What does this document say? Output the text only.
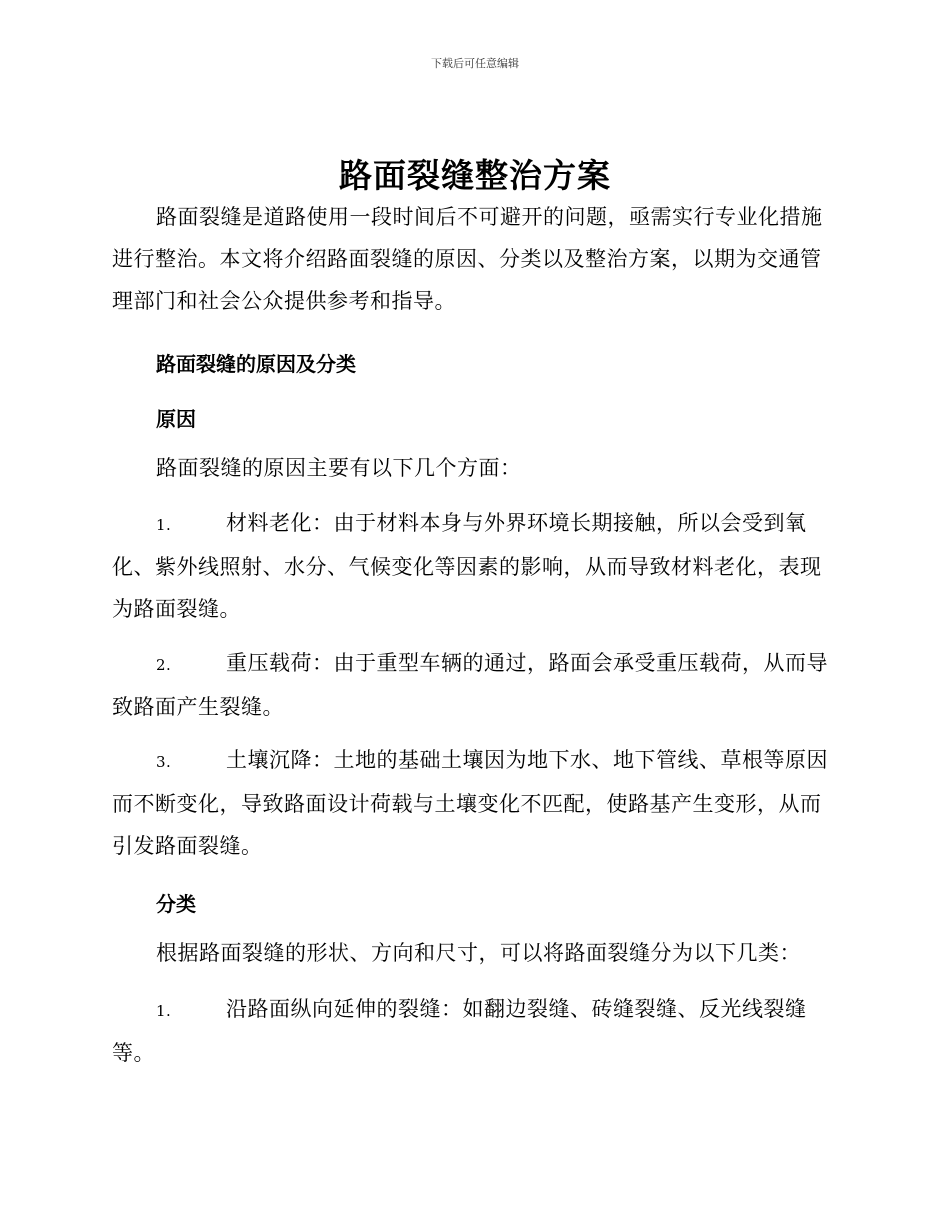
下载后可任意编辑
路面裂缝整治方案

路面裂缝是道路使用一段时间后不可避开的问题，亟需实行专业化措施进行整治。本文将介绍路面裂缝的原因、分类以及整治方案，以期为交通管理部门和社会公众提供参考和指导。

路面裂缝的原因及分类
原因

路面裂缝的原因主要有以下几个方面：

1.	材料老化：由于材料本身与外界环境长期接触，所以会受到氧化、紫外线照射、水分、气候变化等因素的影响，从而导致材料老化，表现为路面裂缝。
2.	重压载荷：由于重型车辆的通过，路面会承受重压载荷，从而导致路面产生裂缝。
3.	土壤沉降：土地的基础土壤因为地下水、地下管线、草根等原因而不断变化，导致路面设计荷载与土壤变化不匹配，使路基产生变形，从而引发路面裂缝。
分类

根据路面裂缝的形状、方向和尺寸，可以将路面裂缝分为以下几类：

1.	沿路面纵向延伸的裂缝：如翻边裂缝、砖缝裂缝、反光线裂缝等。
